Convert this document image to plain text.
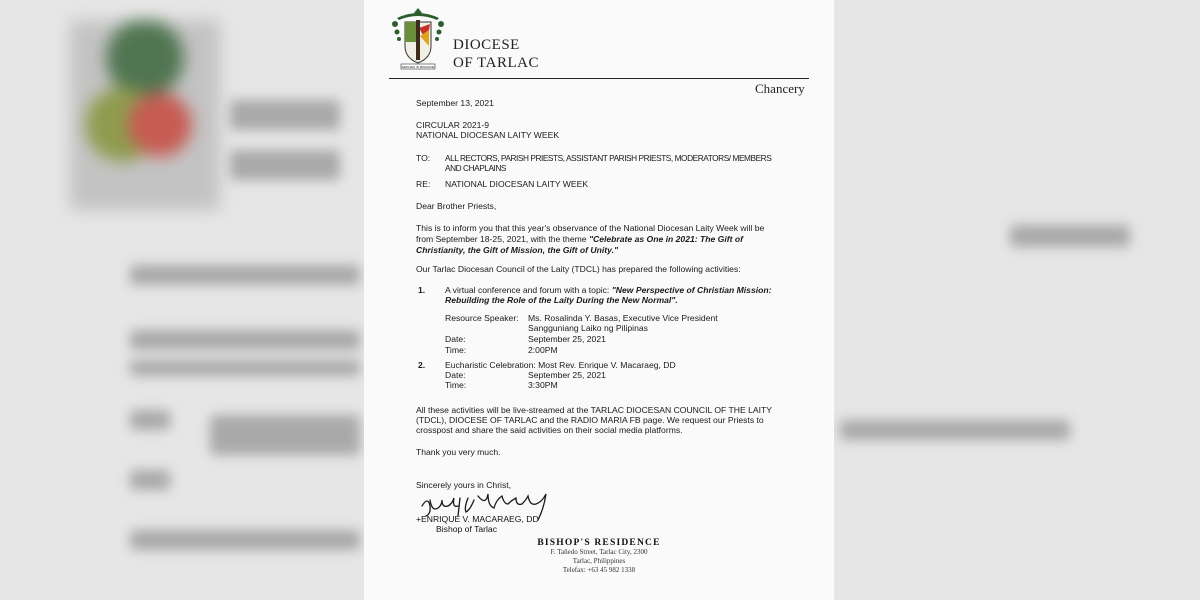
SERVIAM IN MISSIONE
DIOCESE
OF TARLAC
Chancery

September 13, 2021

CIRCULAR 2021-9

NATIONAL DIOCESAN LAITY WEEK

TO: ALL RECTORS, PARISH PRIESTS, ASSISTANT PARISH PRIESTS, MODERATORS/ MEMBERS

AND CHAPLAINS

RE: NATIONAL DIOCESAN LAITY WEEK

Dear Brother Priests,

This is to inform you that this year's observance of the National Diocesan Laity Week will be

from September 18-25, 2021, with the theme "Celebrate as One in 2021: The Gift of

Christianity, the Gift of Mission, the Gift of Unity."

Our Tarlac Diocesan Council of the Laity (TDCL) has prepared the following activities:

1. A virtual conference and forum with a topic: "New Perspective of Christian Mission:

Rebuilding the Role of the Laity During the New Normal".

Resource Speaker: Ms. Rosalinda Y. Basas, Executive Vice President

Sangguniang Laiko ng Pilipinas

Date:	September 25, 2021

Time:	2:00PM

2. Eucharistic Celebration: Most Rev. Enrique V. Macaraeg, DD

Date:	September 25, 2021

Time:	3:30PM

All these activities will be live-streamed at the TARLAC DIOCESAN COUNCIL OF THE LAITY

(TDCL), DIOCESE OF TARLAC and the RADIO MARIA FB page. We request our Priests to

crosspost and share the said activities on their social media platforms.

Thank you very much.

Sincerely yours in Christ,

+ENRIQUE V. MACARAEG, DD
Bishop of Tarlac
BISHOP'S RESIDENCE
F. Tañedo Street, Tarlac City, 2300
Tarlac, Philippines
Telefax: +63 45 982 1338
